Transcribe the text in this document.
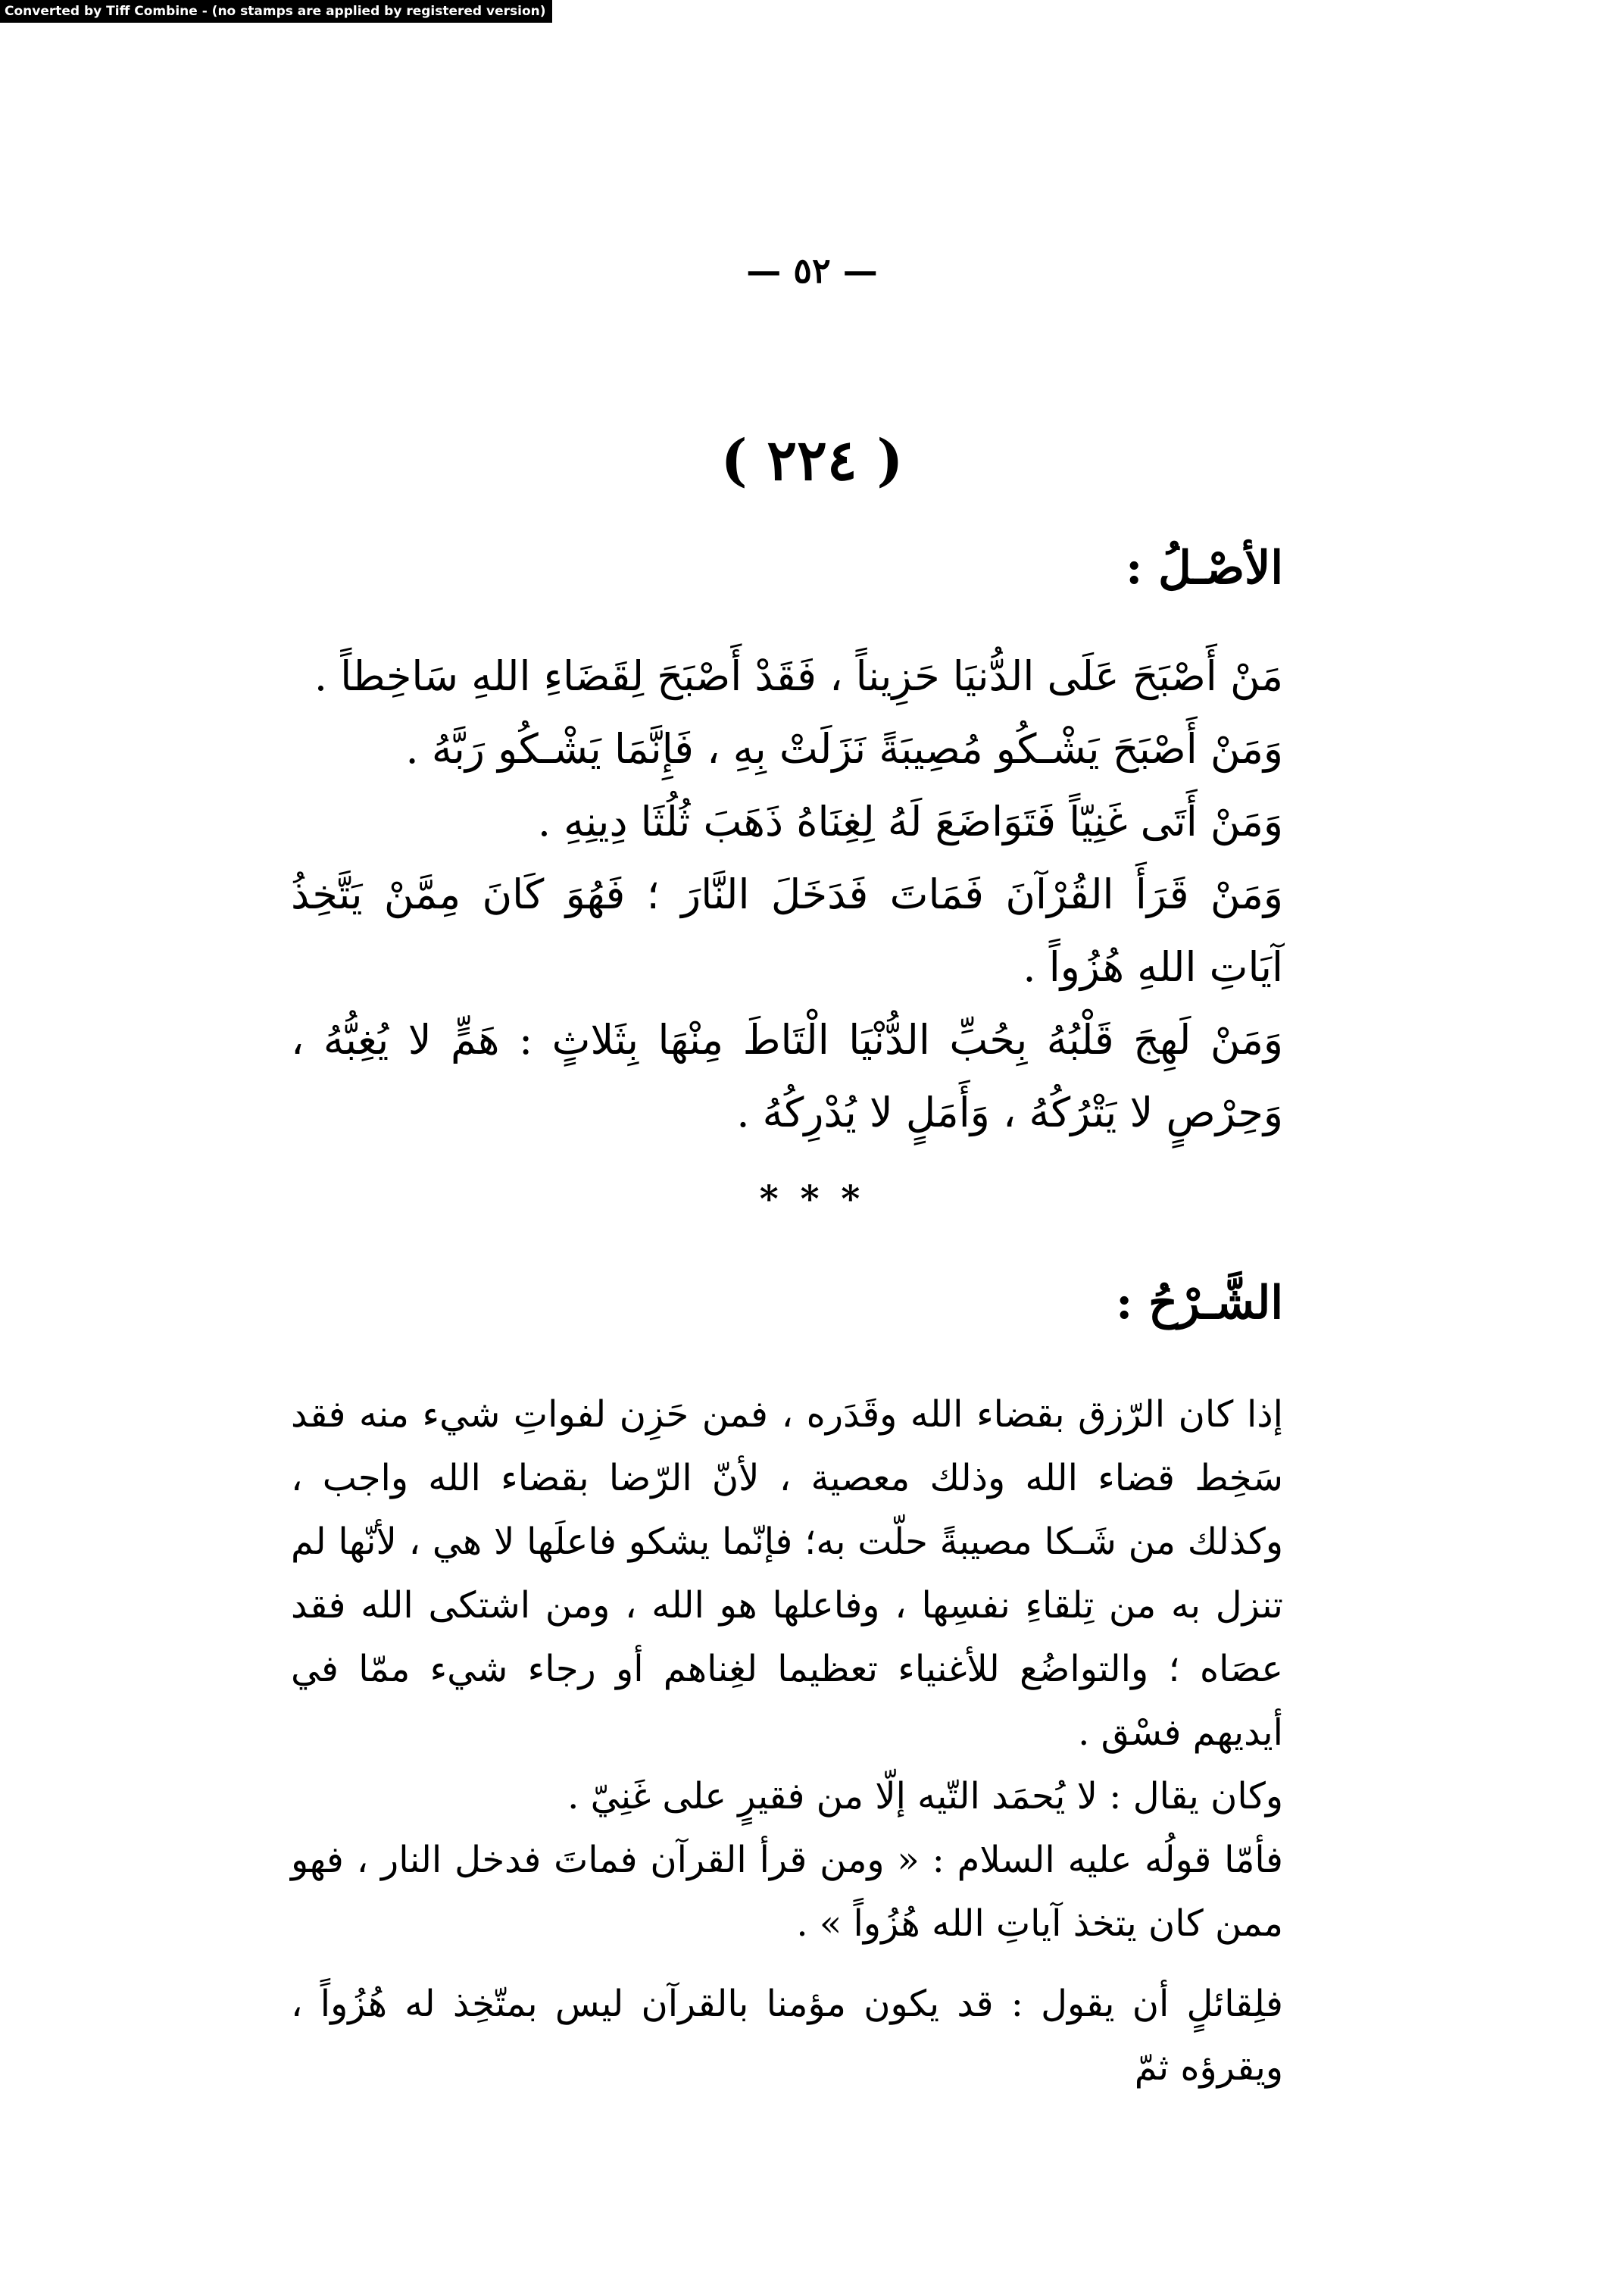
Converted by Tiff Combine - (no stamps are applied by registered version)
— ٥٢ —
( ٢٢٤ )
الأصْـلُ :
مَنْ أَصْبَحَ عَلَى الدُّنيَا حَزِيناً ، فَقَدْ أَصْبَحَ لِقَضَاءِ اللهِ سَاخِطاً .
وَمَنْ أَصْبَحَ يَشْـكُو مُصِيبَةً نَزَلَتْ بِهِ ، فَإِنَّمَا يَشْـكُو رَبَّهُ .
وَمَنْ أَتَى غَنِيّاً فَتَوَاضَعَ لَهُ لِغِنَاهُ ذَهَبَ ثُلُثَا دِينِهِ .
وَمَنْ قَرَأَ القُرْآنَ فَمَاتَ فَدَخَلَ النَّارَ ؛ فَهُوَ كَانَ مِمَّنْ يَتَّخِذُ آيَاتِ اللهِ هُزُواً .
وَمَنْ لَهِجَ قَلْبُهُ بِحُبِّ الدُّنْيَا الْتَاطَ مِنْهَا بِثَلاثٍ : هَمٍّ لا يُغِبُّهُ ، وَحِرْصٍ لا يَتْرُكُهُ ، وَأَمَلٍ لا يُدْرِكُهُ .
* * *
الشَّـرْحُ :

إذا كان الرّزق بقضاء الله وقَدَره ، فمن حَزِن لفواتِ شيء منه فقد سَخِط قضاء الله وذلك معصية ، لأنّ الرّضا بقضاء الله واجب ، وكذلك من شَـكا مصيبةً حلّت به؛ فإنّما يشكو فاعلَها لا هي ، لأنّها لم تنزل به من تِلقاءِ نفسِها ، وفاعلها هو الله ، ومن اشتكى الله فقد عصَاه ؛ والتواضُع للأغنياء تعظيما لغِناهم أو رجاء شيء ممّا في أيديهم فسْق .

وكان يقال : لا يُحمَد التّيه إلّا من فقيرٍ على غَنِيّ .

فأمّا قولُه عليه السلام : « ومن قرأ القرآن فماتَ فدخل النار ، فهو ممن كان يتخذ آياتِ الله هُزُواً » .

فلِقائلٍ أن يقول : قد يكون مؤمنا بالقرآن ليس بمتّخِذ له هُزُواً ، ويقرؤه ثمّ
